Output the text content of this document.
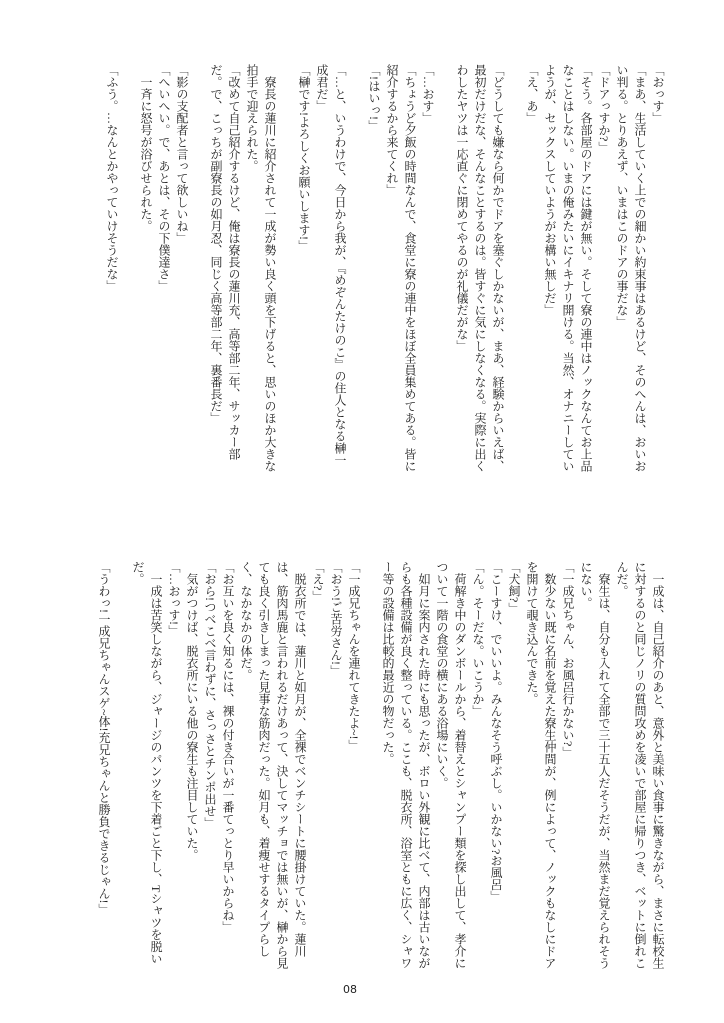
「おっす」
「まあ、生活していく上での細かい約束事はあるけど、そのへんは、おいお
い判る。とりあえず、いまはこのドアの事だな」
「ドアっすか?」
「そう。各部屋のドアには鍵が無い。そして寮の連中はノックなんてお上品
なことはしない。いまの俺みたいにイキナリ開ける。当然、オナニーしてい
ようが、セックスしていようがお構い無しだ」
「え、あ」
「どうしても嫌なら何かでドアを塞ぐしかないが、まあ、経験からいえば、
最初だけだな、そんなことするのは。皆すぐに気にしなくなる。実際に出く
わしたヤツは一応直ぐに閉めてやるのが礼儀だがな」
「…おす」
「ちょうど夕飯の時間なんで、食堂に寮の連中をほぼ全員集めてある。皆に
紹介するから来てくれ」
「!はいっ!」
「…と、いうわけで、今日から我が、『めぞんたけのこ』の住人となる榊一
成君だ」
「榊です!よろしくお願いします!」
　寮長の蓮川に紹介されて一成が勢い良く頭を下げると、思いのほか大きな
拍手で迎えられた。
「改めて自己紹介するけど、俺は寮長の蓮川充、高等部二年、サッカー部
だ。で、こっちが副寮長の如月忍、同じく高等部二年、裏番長だ」
「影の支配者と言って欲しいね」
「へいへい。で、あとは、その下僕達さ」
　一斉に怒号が浴びせられた。
「ふう。…なんとかやっていけそうだな」
　一成は、自己紹介のあと、意外と美味い食事に驚きながら、まさに転校生
に対するのと同じノリの質問攻めを凌いで部屋に帰りつき、ベットに倒れこ
んだ。
　寮生は、自分も入れて全部で三十五人だそうだが、当然まだ覚えられそう
にない。
「一成兄ちゃん、お風呂行かない?」
　数少ない既に名前を覚えた寮生仲間が、例によって、ノックもなしにドア
を開けて覗き込んできた。
「犬飼?」
「こーすけ、でいいよ。みんなそう呼ぶし。いかない?お風呂」
「ん。そーだな。いこうか」
　荷解き中のダンボールから、着替えとシャンプー類を探し出して、孝介に
ついて一階の食堂の横にある浴場にいく。
　如月に案内された時にも思ったが、ボロい外観に比べて、内部は古いなが
らも各種設備が良く整っている。ここも、脱衣所、浴室ともに広く、シャワ
ー等の設備は比較的最近の物だった。
「一成兄ちゃんを連れてきたよ~!」
「おう!ご苦労さん!」
「え?」
　脱衣所では、蓮川と如月が、全裸でベンチシートに腰掛けていた。蓮川
は、筋肉馬鹿と言われるだけあって、決してマッチョでは無いが、榊から見
ても良く引きしまった見事な筋肉だった。如月も、着痩せするタイプらし
く、なかなかの体だ。
「お互いを良く知るには、裸の付き合いが一番てっとり早いからね」
「おら!つべこべ言わずに、さっさとチンポ出せ」
　気がつけば、脱衣所にいる他の寮生も注目していた。
「…おっす!」
　一成は苦笑しながら、ジャージのパンツを下着ごと下し、Tシャツを脱い
だ。
「うわっ!一成兄ちゃんスゲ~体!充兄ちゃんと勝負できるじゃん!」
08
